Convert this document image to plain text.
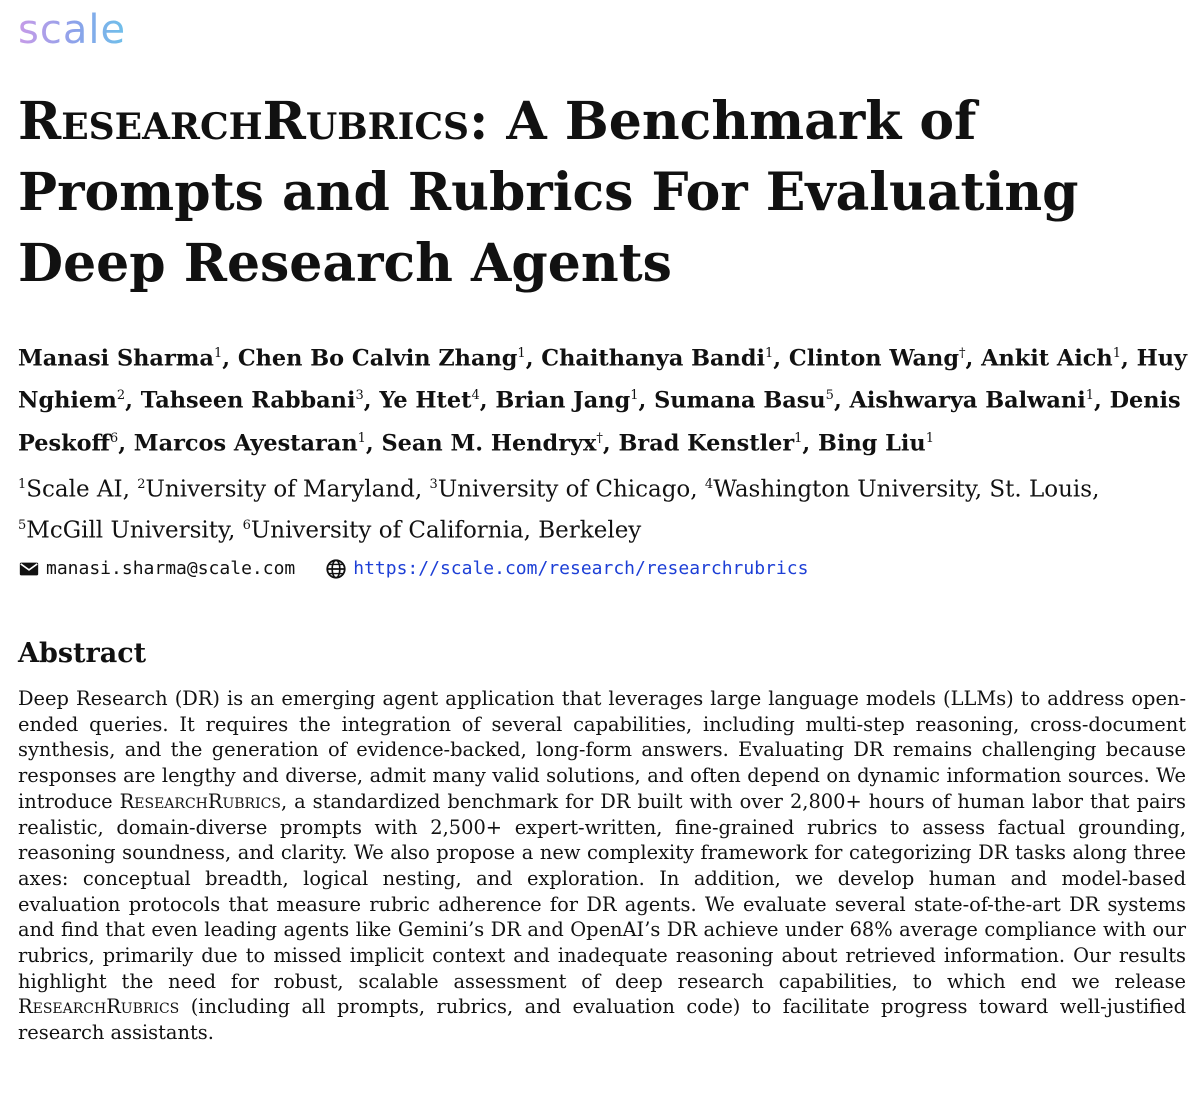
scale
ResearchRubrics: A Benchmark of Prompts and Rubrics For Evaluating Deep Research Agents

Manasi Sharma$^1$, Chen Bo Calvin Zhang$^1$, Chaithanya Bandi$^1$, Clinton Wang†, Ankit Aich$^1$, Huy Nghiem$^2$, Tahseen Rabbani$^3$, Ye Htet$^4$, Brian Jang$^1$, Sumana Basu$^5$, Aishwarya Balwani$^1$, Denis Peskoff$^6$, Marcos Ayestaran$^1$, Sean M. Hendryx†, Brad Kenstler$^1$, Bing Liu$^1$

$^1$Scale AI, $^2$University of Maryland, $^3$University of Chicago, $^4$Washington University, St. Louis,
$^5$McGill University, $^6$University of California, Berkeley

manasi.sharma@scale.com	https://scale.com/research/researchrubrics
Abstract

Deep Research (DR) is an emerging agent application that leverages large language models (LLMs) to address open-ended queries. It requires the integration of several capabilities, including multi-step reasoning, cross-document synthesis, and the generation of evidence-backed, long-form answers. Evaluating DR remains challenging because responses are lengthy and diverse, admit many valid solutions, and often depend on dynamic information sources. We introduce ResearchRubrics, a standardized benchmark for DR built with over 2,800+ hours of human labor that pairs realistic, domain-diverse prompts with 2,500+ expert-written, fine-grained rubrics to assess factual grounding, reasoning soundness, and clarity. We also propose a new complexity framework for categorizing DR tasks along three axes: conceptual breadth, logical nesting, and exploration. In addition, we develop human and model-based evaluation protocols that measure rubric adherence for DR agents. We evaluate several state-of-the-art DR systems and find that even leading agents like Gemini’s DR and OpenAI’s DR achieve under 68% average compliance with our rubrics, primarily due to missed implicit context and inadequate reasoning about retrieved information. Our results highlight the need for robust, scalable assessment of deep research capabilities, to which end we release ResearchRubrics (including all prompts, rubrics, and evaluation code) to facilitate progress toward well-justified research assistants.
